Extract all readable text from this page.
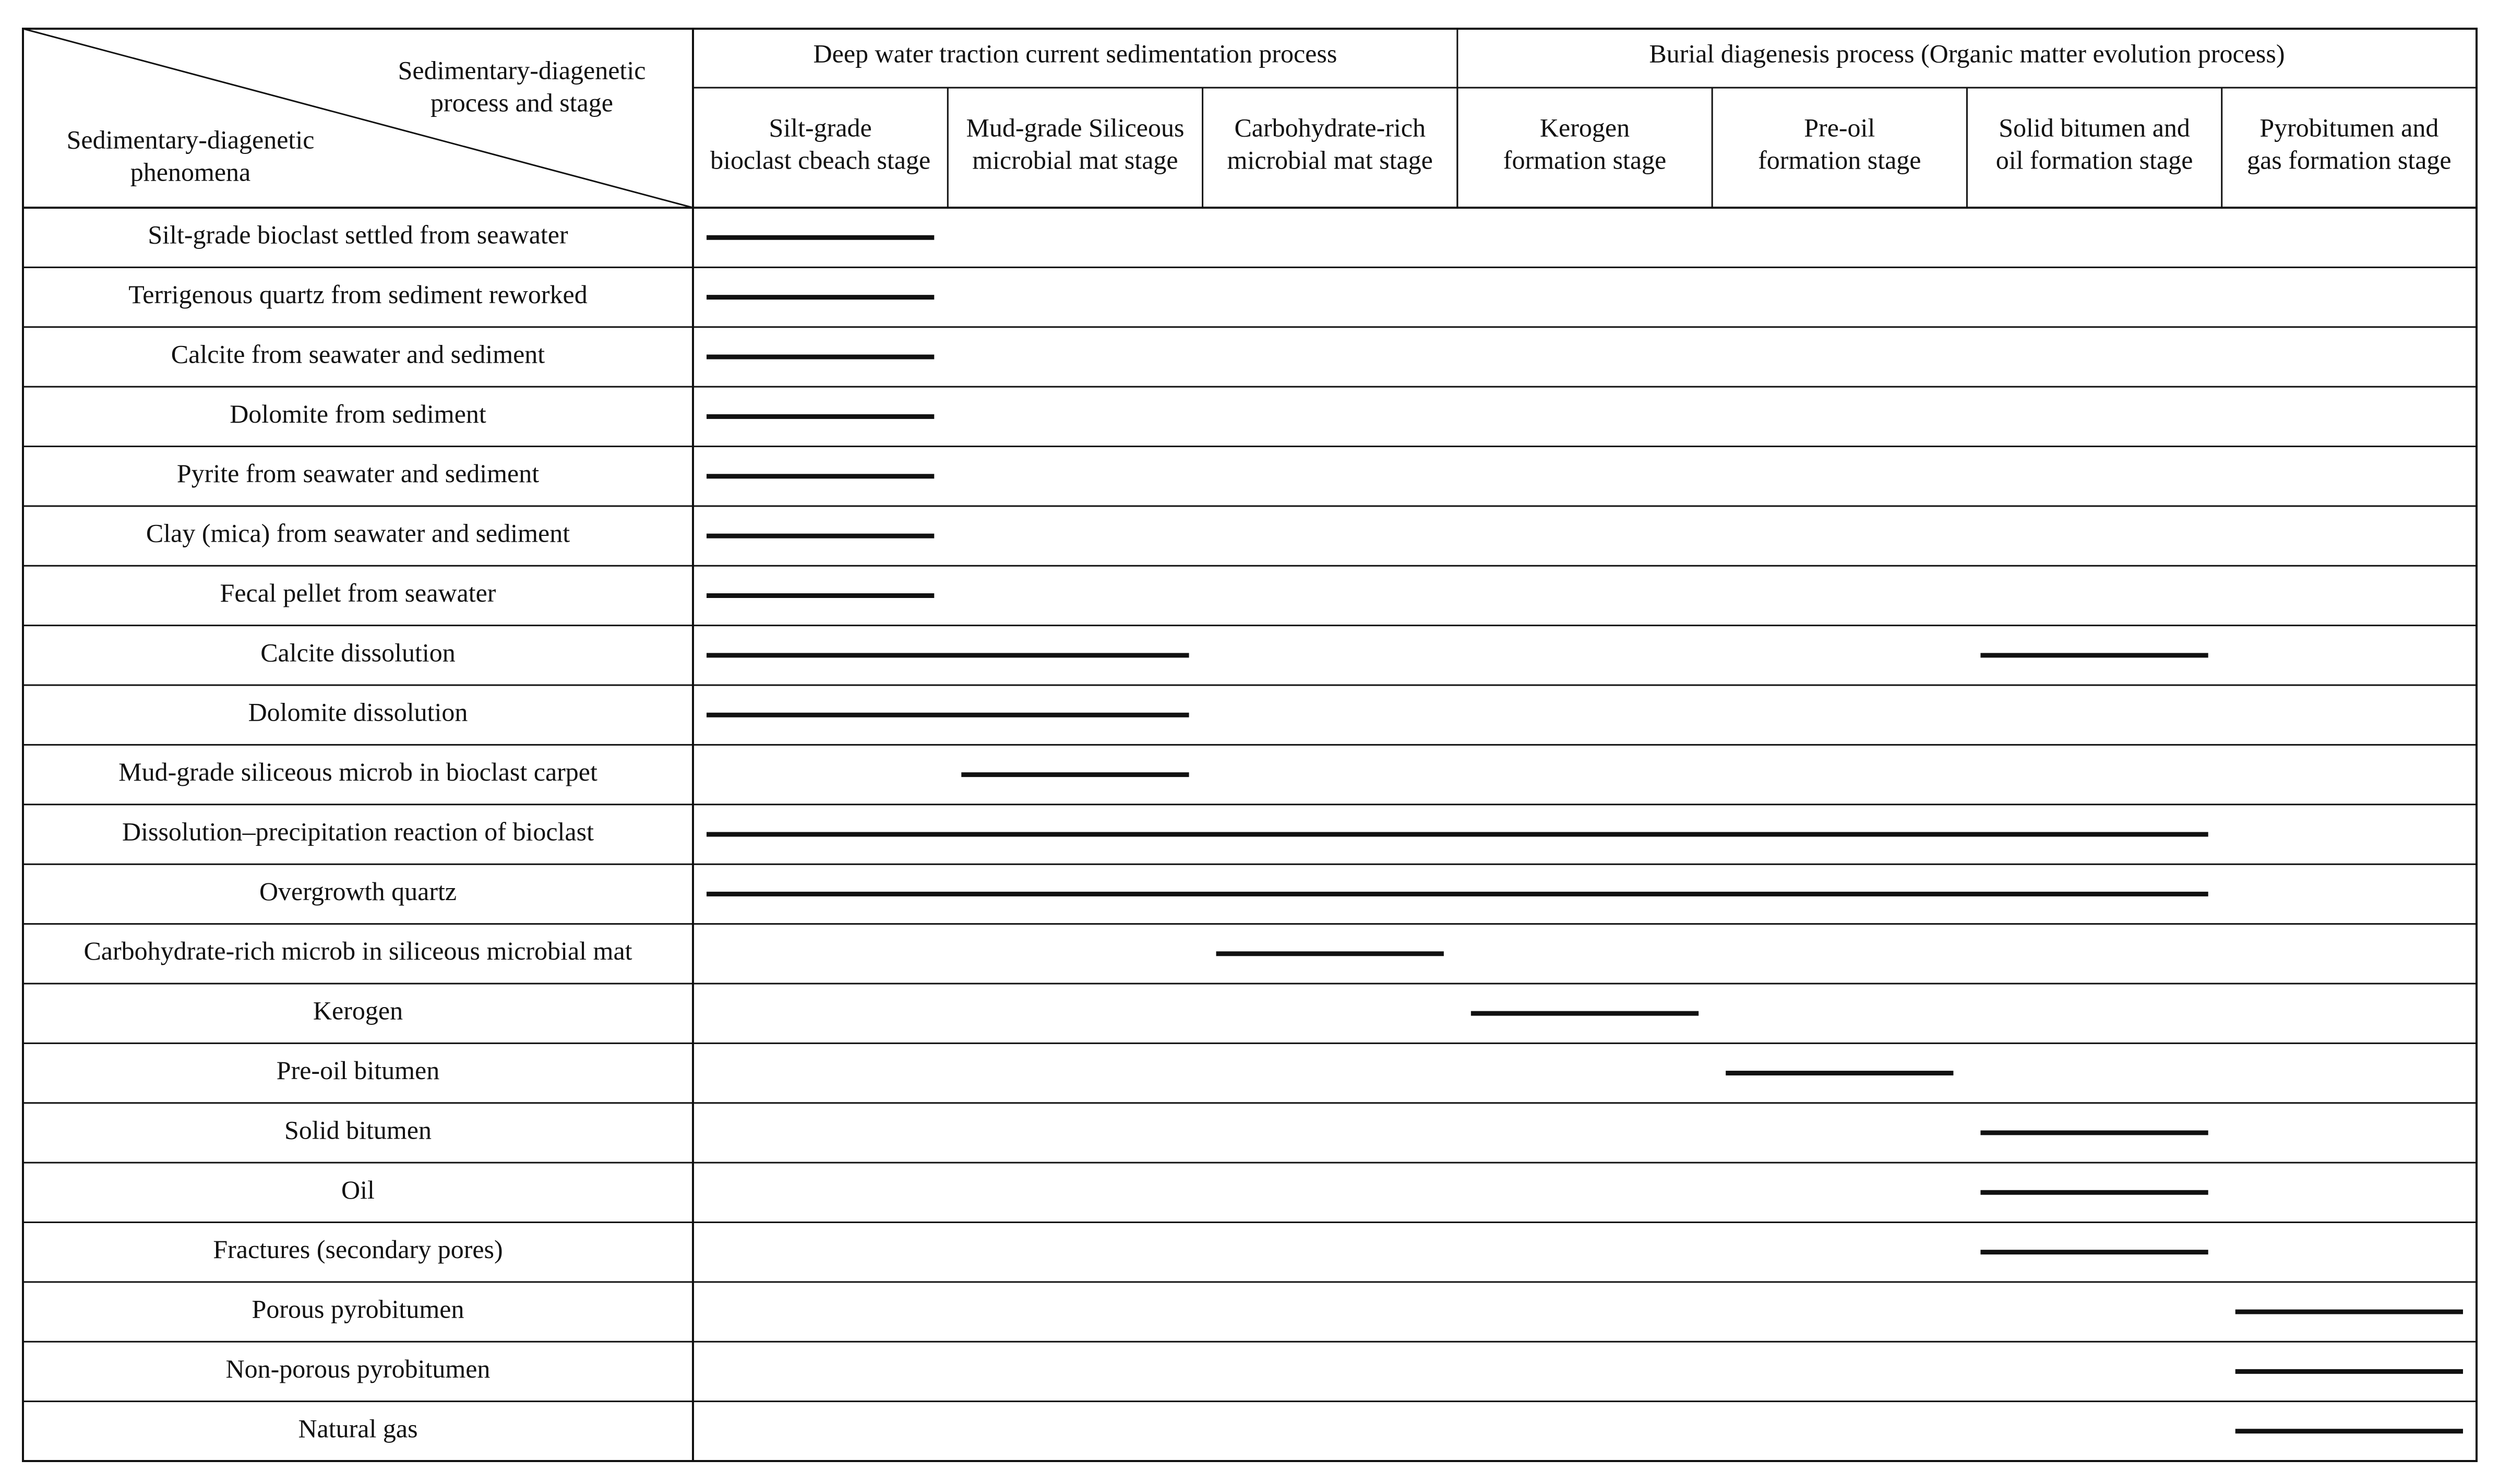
Sedimentary-diagenetic
process and stage
Sedimentary-diagenetic
phenomena
Deep water traction current sedimentation process	Burial diagenesis process (Organic matter evolution process)
Silt-grade
bioclast cbeach stage
Mud-grade Siliceous
microbial mat stage
Carbohydrate-rich
microbial mat stage
Kerogen
formation stage
Pre-oil
formation stage
Solid bitumen and
oil formation stage
Pyrobitumen and
gas formation stage
Silt-grade bioclast settled from seawater
Terrigenous quartz from sediment reworked
Calcite from seawater and sediment
Dolomite from sediment
Pyrite from seawater and sediment
Clay (mica) from seawater and sediment
Fecal pellet from seawater
Calcite dissolution
Dolomite dissolution
Mud-grade siliceous microb in bioclast carpet
Dissolution–precipitation reaction of bioclast
Overgrowth quartz
Carbohydrate-rich microb in siliceous microbial mat
Kerogen
Pre-oil bitumen
Solid bitumen
Oil
Fractures (secondary pores)
Porous pyrobitumen
Non-porous pyrobitumen
Natural gas
